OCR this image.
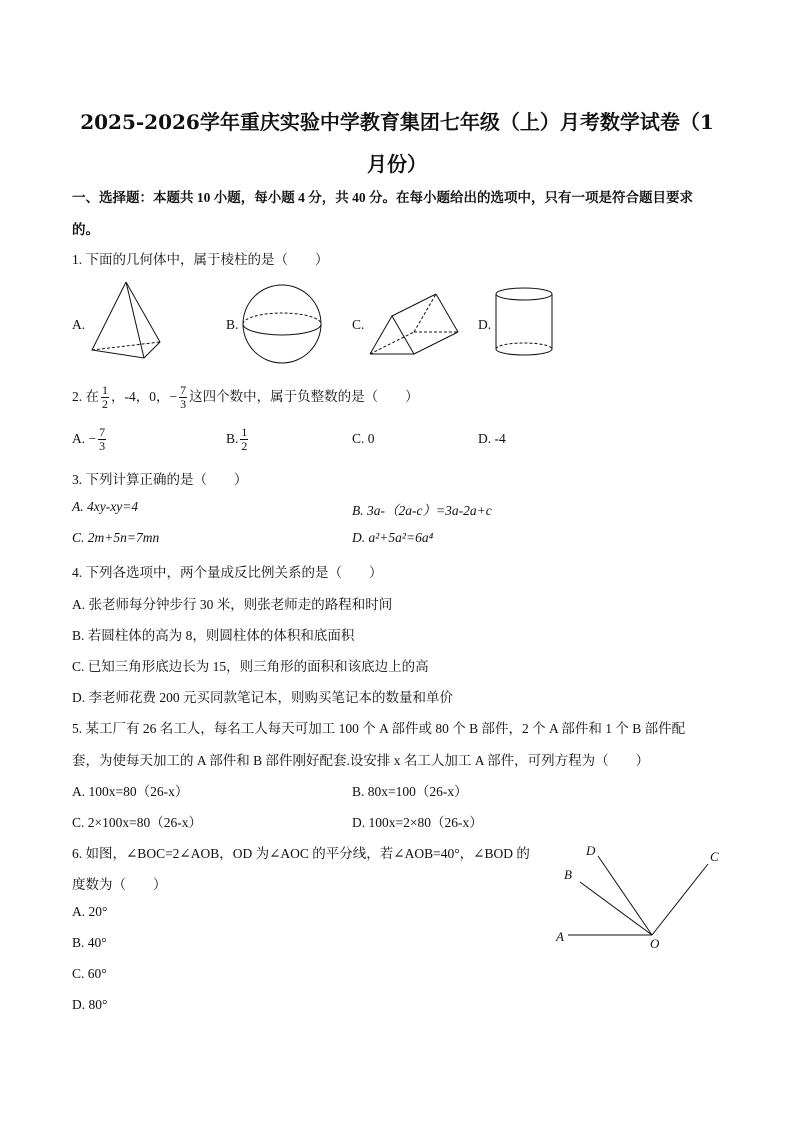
2025-2026学年重庆实验中学教育集团七年级（上）月考数学试卷（1
月份）
一、选择题：本题共 10 小题，每小题 4 分，共 40 分。在每小题给出的选项中，只有一项是符合题目要求
的。
1. 下面的几何体中，属于棱柱的是（　　）
A.	B.	C.	D.
2. 在 $\frac{1}{2}$ ，-4，0，− $\frac{7}{3}$ 这四个数中，属于负整数的是（　　）
A. − $\frac{7}{3}$	B. $\frac{1}{2}$	C. 0	D. -4
3. 下列计算正确的是（　　）
A. 4xy-xy=4	B. 3a-（2a-c）=3a-2a+c
C. 2m+5n=7mn	D. a²+5a²=6a⁴
4. 下列各选项中，两个量成反比例关系的是（　　）
A. 张老师每分钟步行 30 米，则张老师走的路程和时间
B. 若圆柱体的高为 8，则圆柱体的体积和底面积
C. 已知三角形底边长为 15，则三角形的面积和该底边上的高
D. 李老师花费 200 元买同款笔记本，则购买笔记本的数量和单价
5. 某工厂有 26 名工人，每名工人每天可加工 100 个 A 部件或 80 个 B 部件，2 个 A 部件和 1 个 B 部件配
套，为使每天加工的 A 部件和 B 部件刚好配套.设安排 x 名工人加工 A 部件，可列方程为（　　）
A. 100x=80（26-x）	B. 80x=100（26-x）
C. 2×100x=80（26-x）	D. 100x=2×80（26-x）
6. 如图，∠BOC=2∠AOB，OD 为∠AOC 的平分线，若∠AOB=40°，∠BOD 的
度数为（　　）
A. 20°
B. 40°
C. 60°
D. 80°
A
B
D	C
O
